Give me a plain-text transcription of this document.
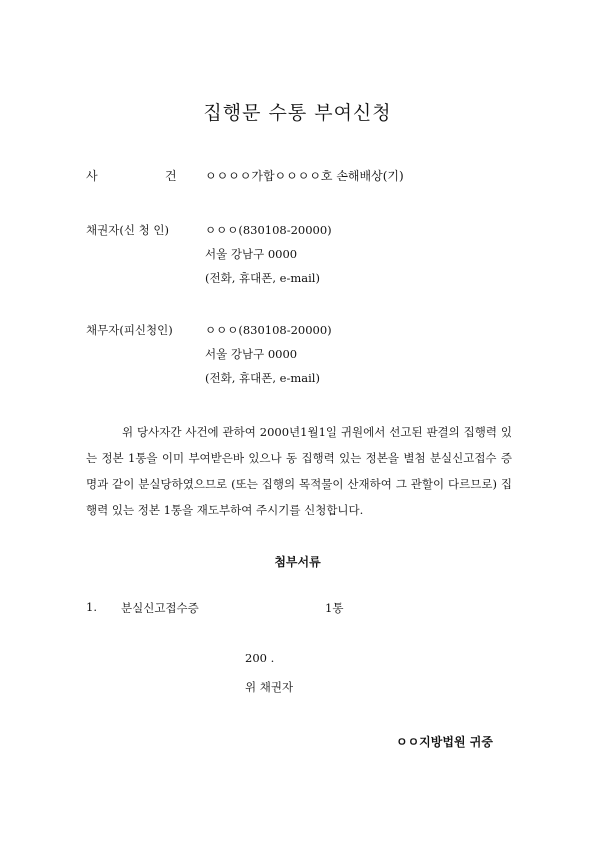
집행문 수통 부여신청
사	건 ㅇㅇㅇㅇ가합ㅇㅇㅇㅇ호 손해배상(기)
채권자(신 청 인)	ㅇㅇㅇ(830108-20000)
서울 강남구 0000
(전화, 휴대폰, e-mail)
채무자(피신청인)	ㅇㅇㅇ(830108-20000)
서울 강남구 0000
(전화, 휴대폰, e-mail)
위 당사자간 사건에 관하여 2000년1월1일 귀원에서 선고된 판결의 집행력 있는 정본 1통을 이미 부여받은바 있으나 동 집행력 있는 정본을 별첨 분실신고접수 증명과 같이 분실당하였으므로 (또는 집행의 목적물이 산재하여 그 관할이 다르므로) 집행력 있는 정본 1통을 재도부하여 주시기를 신청합니다.
첨부서류
1. 분실신고접수증	1통
200 .
위 채권자
ㅇㅇ지방법원 귀중
